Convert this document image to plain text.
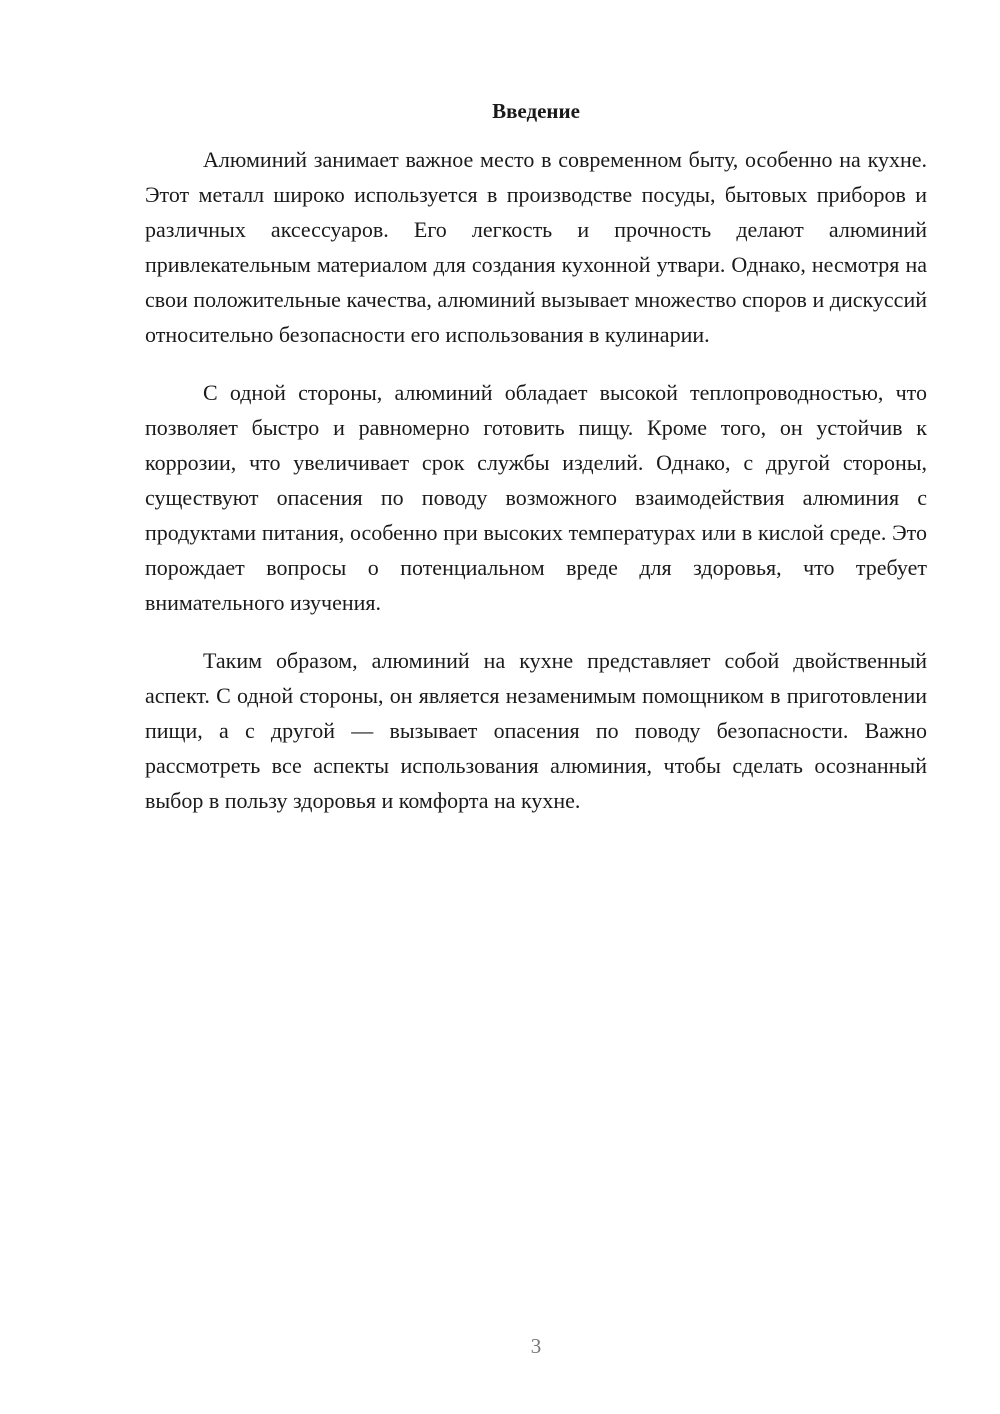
Введение

Алюминий занимает важное место в современном быту, особенно на кухне. Этот металл широко используется в производстве посуды, бытовых приборов и различных аксессуаров. Его легкость и прочность делают алюминий привлекательным материалом для создания кухонной утвари. Однако, несмотря на свои положительные качества, алюминий вызывает множество споров и дискуссий относительно безопасности его использования в кулинарии.

С одной стороны, алюминий обладает высокой теплопроводностью, что позволяет быстро и равномерно готовить пищу. Кроме того, он устойчив к коррозии, что увеличивает срок службы изделий. Однако, с другой стороны, существуют опасения по поводу возможного взаимодействия алюминия с продуктами питания, особенно при высоких температурах или в кислой среде. Это порождает вопросы о потенциальном вреде для здоровья, что требует внимательного изучения.

Таким образом, алюминий на кухне представляет собой двойственный аспект. С одной стороны, он является незаменимым помощником в приготовлении пищи, а с другой — вызывает опасения по поводу безопасности. Важно рассмотреть все аспекты использования алюминия, чтобы сделать осознанный выбор в пользу здоровья и комфорта на кухне.

3
